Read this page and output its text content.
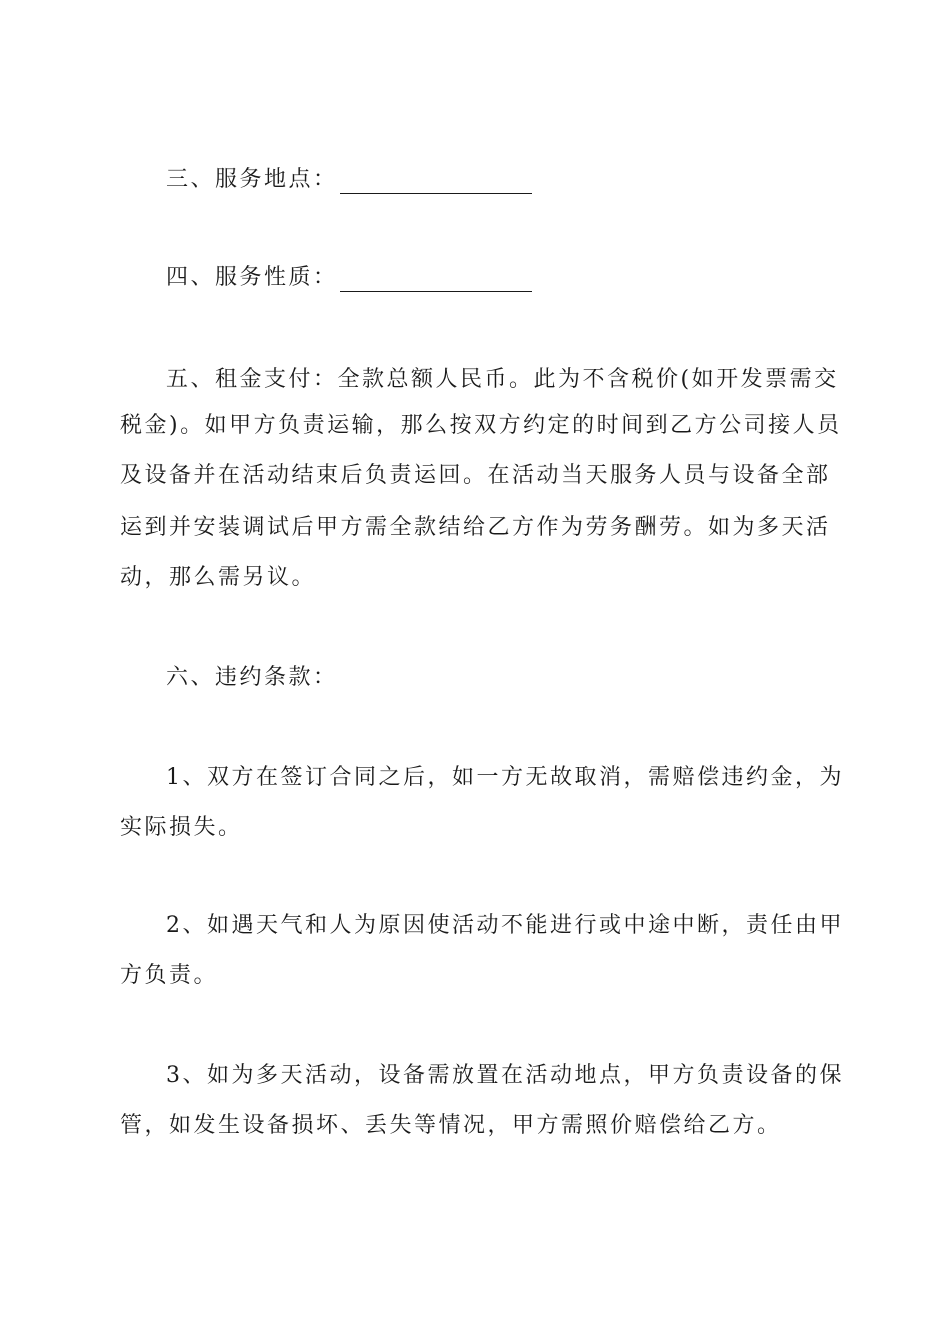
三、服务地点：
四、服务性质：
五、租金支付：全款总额人民币。此为不含税价(如开发票需交
税金)。如甲方负责运输，那么按双方约定的时间到乙方公司接人员
及设备并在活动结束后负责运回。在活动当天服务人员与设备全部
运到并安装调试后甲方需全款结给乙方作为劳务酬劳。如为多天活
动，那么需另议。
六、违约条款：
1、双方在签订合同之后，如一方无故取消，需赔偿违约金，为
实际损失。
2、如遇天气和人为原因使活动不能进行或中途中断，责任由甲
方负责。
3、如为多天活动，设备需放置在活动地点，甲方负责设备的保
管，如发生设备损坏、丢失等情况，甲方需照价赔偿给乙方。
